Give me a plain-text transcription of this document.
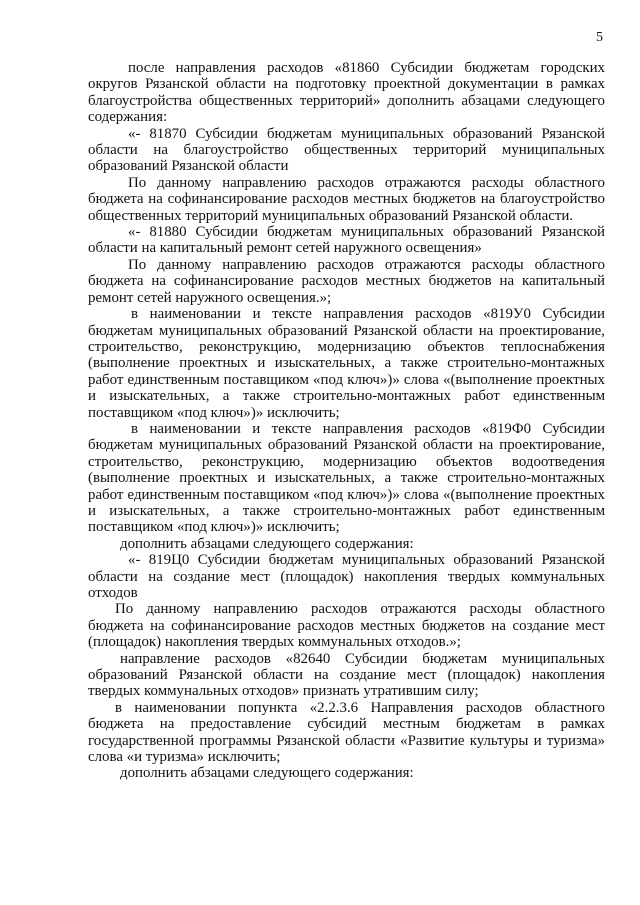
5

после направления расходов «81860 Субсидии бюджетам городских округов Рязанской области на подготовку проектной документации в рамках благоустройства общественных территорий» дополнить абзацами следующего содержания:

«- 81870 Субсидии бюджетам муниципальных образований Рязанской области на благоустройство общественных территорий муниципальных образований Рязанской области

По данному направлению расходов отражаются расходы областного бюджета на софинансирование расходов местных бюджетов на благоустройство общественных территорий муниципальных образований Рязанской области.

«- 81880 Субсидии бюджетам муниципальных образований Рязанской области на капитальный ремонт сетей наружного освещения»

По данному направлению расходов отражаются расходы областного бюджета на софинансирование расходов местных бюджетов на капитальный ремонт сетей наружного освещения.»;

в наименовании и тексте направления расходов «819У0 Субсидии бюджетам муниципальных образований Рязанской области на проектирование, строительство, реконструкцию, модернизацию объектов теплоснабжения (выполнение проектных и изыскательных, а также строительно-монтажных работ единственным поставщиком «под ключ»)» слова «(выполнение проектных и изыскательных, а также строительно-монтажных работ единственным поставщиком «под ключ»)» исключить;

в наименовании и тексте направления расходов «819Ф0 Субсидии бюджетам муниципальных образований Рязанской области на проектирование, строительство, реконструкцию, модернизацию объектов водоотведения (выполнение проектных и изыскательных, а также строительно-монтажных работ единственным поставщиком «под ключ»)» слова «(выполнение проектных и изыскательных, а также строительно-монтажных работ единственным поставщиком «под ключ»)» исключить;

дополнить абзацами следующего содержания:

«- 819Ц0 Субсидии бюджетам муниципальных образований Рязанской области на создание мест (площадок) накопления твердых коммунальных отходов

По данному направлению расходов отражаются расходы областного бюджета на софинансирование расходов местных бюджетов на создание мест (площадок) накопления твердых коммунальных отходов.»;

направление расходов «82640 Субсидии бюджетам муниципальных образований Рязанской области на создание мест (площадок) накопления твердых коммунальных отходов» признать утратившим силу;

в наименовании попункта «2.2.3.6 Направления расходов областного бюджета на предоставление субсидий местным бюджетам в рамках государственной программы Рязанской области «Развитие культуры и туризма» слова «и туризма» исключить;

дополнить абзацами следующего содержания:
